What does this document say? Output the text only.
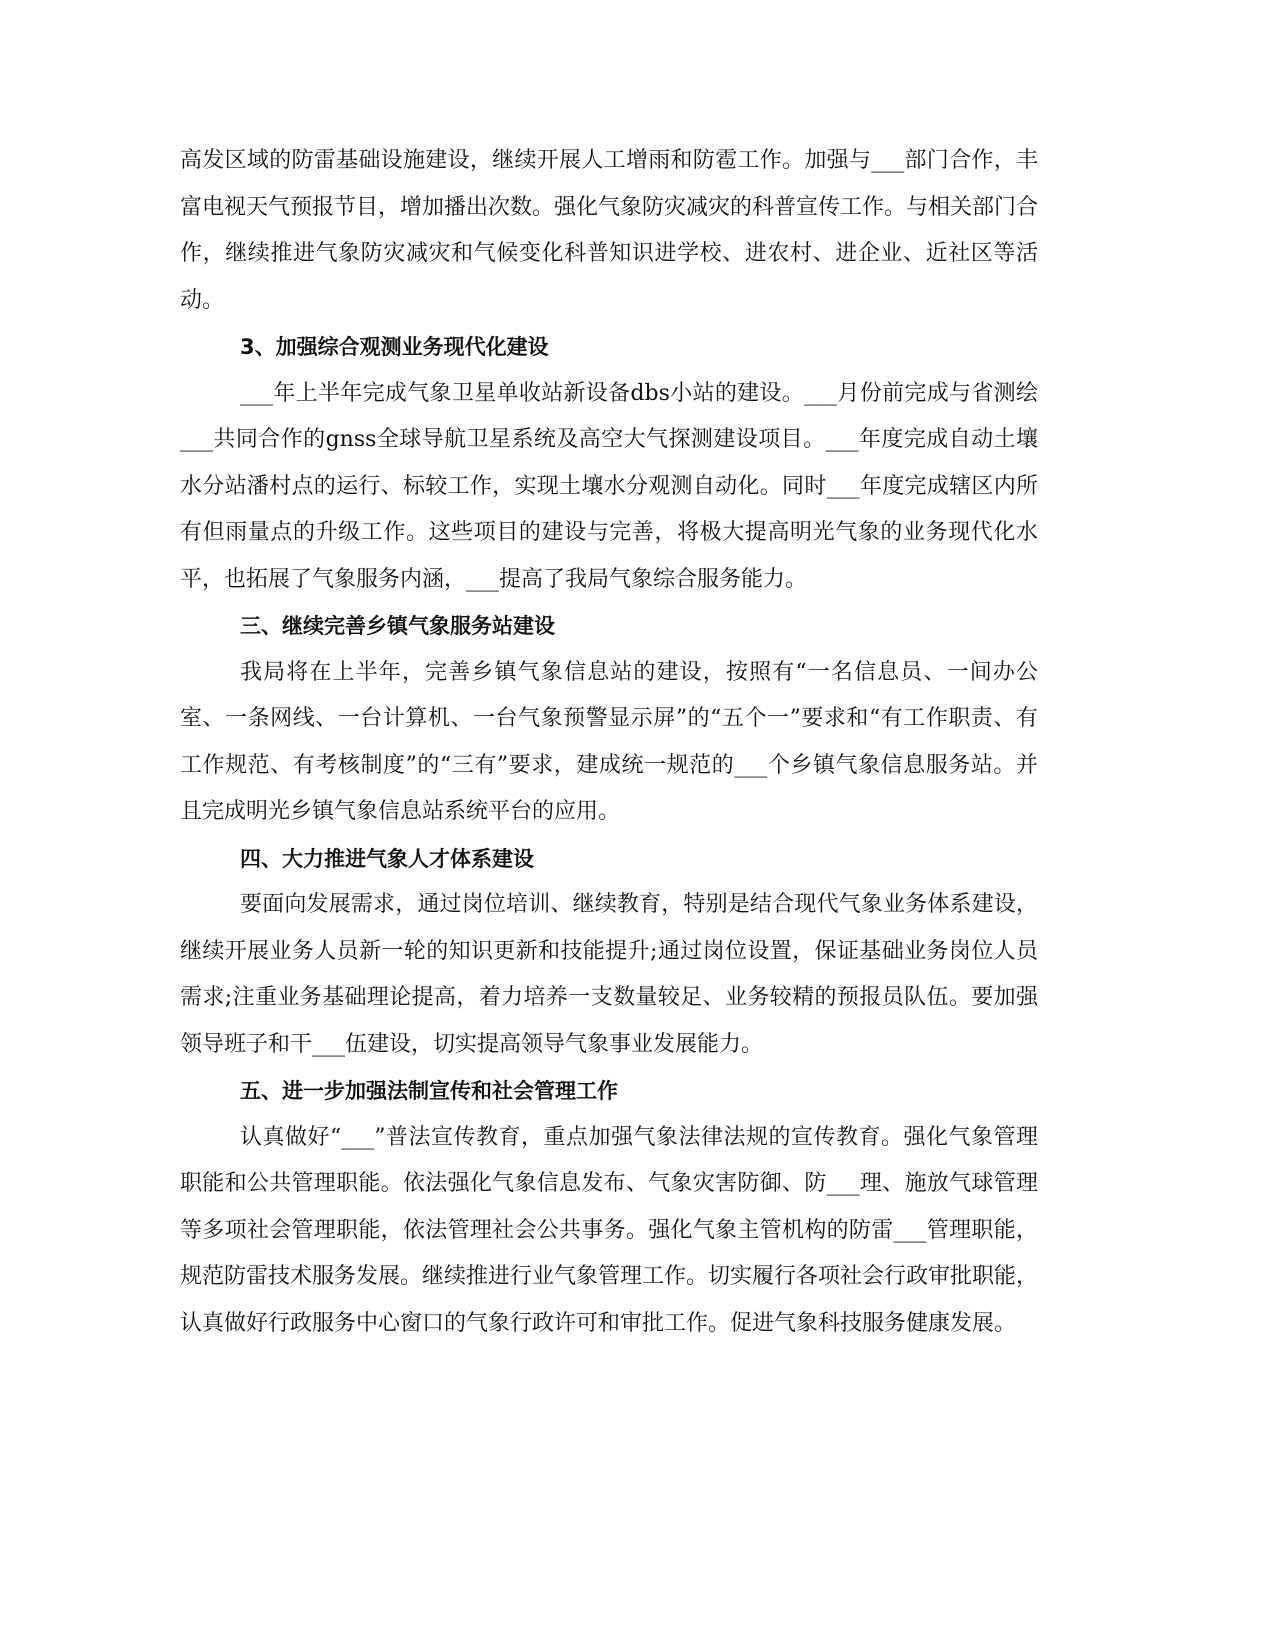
高发区域的防雷基础设施建设，继续开展人工增雨和防雹工作。加强与___部门合作，丰富电视天气预报节目，增加播出次数。强化气象防灾减灾的科普宣传工作。与相关部门合作，继续推进气象防灾减灾和气候变化科普知识进学校、进农村、进企业、近社区等活动。

3、加强综合观测业务现代化建设

___年上半年完成气象卫星单收站新设备dbs小站的建设。___月份前完成与省测绘___共同合作的gnss全球导航卫星系统及高空大气探测建设项目。___年度完成自动土壤水分站潘村点的运行、标较工作，实现土壤水分观测自动化。同时___年度完成辖区内所有但雨量点的升级工作。这些项目的建设与完善，将极大提高明光气象的业务现代化水平，也拓展了气象服务内涵，___提高了我局气象综合服务能力。

三、继续完善乡镇气象服务站建设

我局将在上半年，完善乡镇气象信息站的建设，按照有“一名信息员、一间办公室、一条网线、一台计算机、一台气象预警显示屏”的“五个一”要求和“有工作职责、有工作规范、有考核制度”的“三有”要求，建成统一规范的___个乡镇气象信息服务站。并且完成明光乡镇气象信息站系统平台的应用。

四、大力推进气象人才体系建设

要面向发展需求，通过岗位培训、继续教育，特别是结合现代气象业务体系建设，继续开展业务人员新一轮的知识更新和技能提升;通过岗位设置，保证基础业务岗位人员需求;注重业务基础理论提高，着力培养一支数量较足、业务较精的预报员队伍。要加强领导班子和干___伍建设，切实提高领导气象事业发展能力。

五、进一步加强法制宣传和社会管理工作

认真做好“___”普法宣传教育，重点加强气象法律法规的宣传教育。强化气象管理职能和公共管理职能。依法强化气象信息发布、气象灾害防御、防___理、施放气球管理等多项社会管理职能，依法管理社会公共事务。强化气象主管机构的防雷___管理职能，规范防雷技术服务发展。继续推进行业气象管理工作。切实履行各项社会行政审批职能，认真做好行政服务中心窗口的气象行政许可和审批工作。促进气象科技服务健康发展。
